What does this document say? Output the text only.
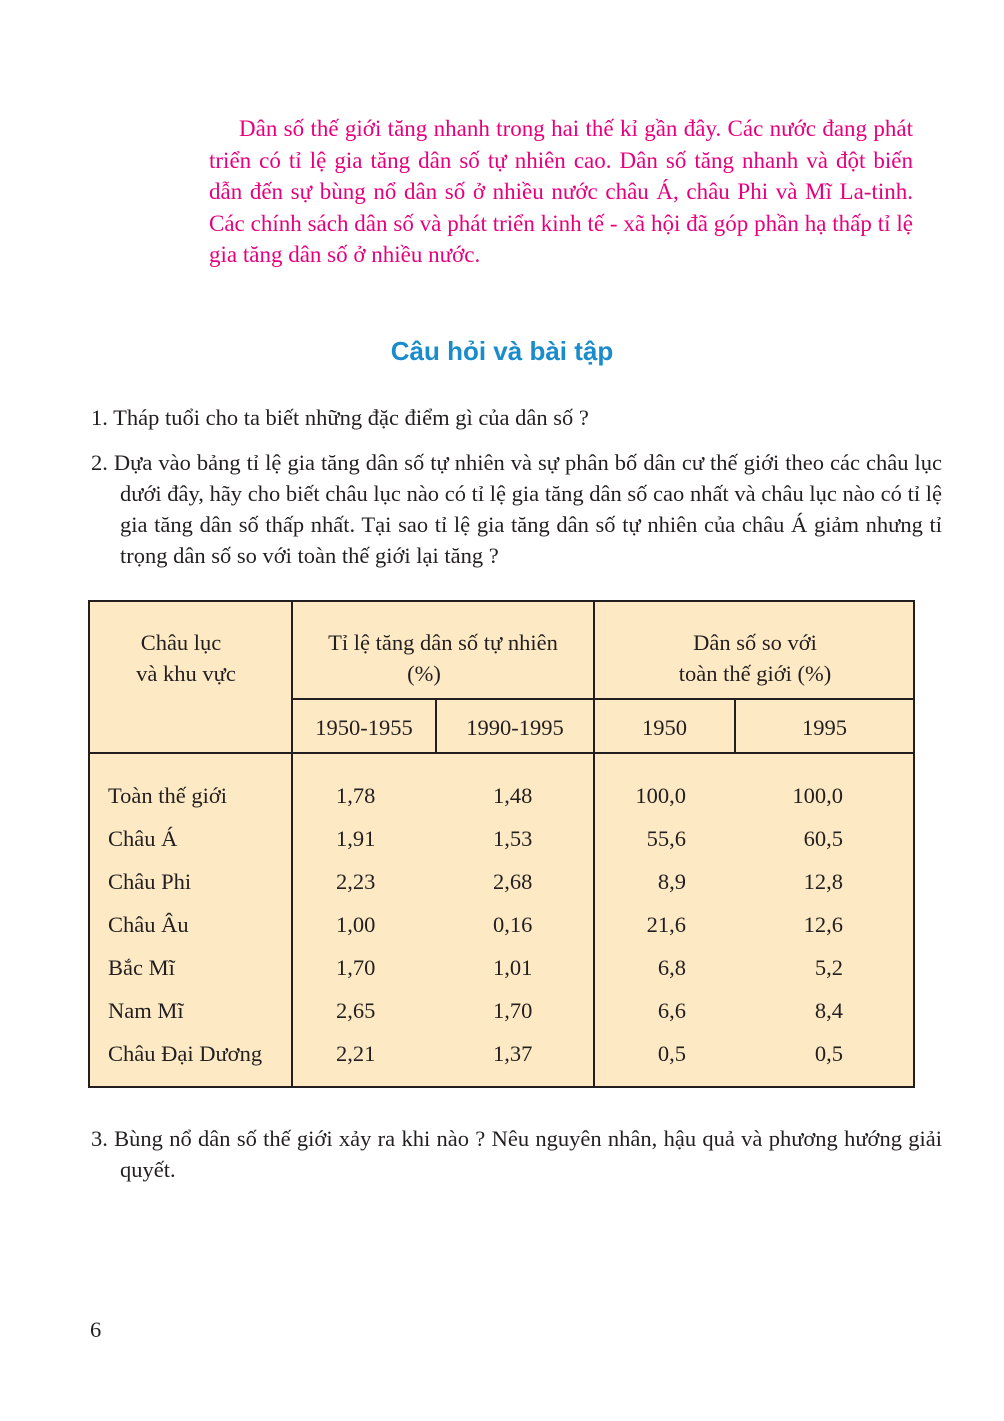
Dân số thế giới tăng nhanh trong hai thế kỉ gần đây. Các nước đang phát triển có tỉ lệ gia tăng dân số tự nhiên cao. Dân số tăng nhanh và đột biến dẫn đến sự bùng nổ dân số ở nhiều nước châu Á, châu Phi và Mĩ La-tinh. Các chính sách dân số và phát triển kinh tế - xã hội đã góp phần hạ thấp tỉ lệ gia tăng dân số ở nhiều nước.

Câu hỏi và bài tập

1. Tháp tuổi cho ta biết những đặc điểm gì của dân số ?

2. Dựa vào bảng tỉ lệ gia tăng dân số tự nhiên và sự phân bố dân cư thế giới theo các châu lục dưới đây, hãy cho biết châu lục nào có tỉ lệ gia tăng dân số cao nhất và châu lục nào có tỉ lệ gia tăng dân số thấp nhất. Tại sao tỉ lệ gia tăng dân số tự nhiên của châu Á giảm nhưng tỉ trọng dân số so với toàn thế giới lại tăng ?

Châu lục
và khu vực
Tỉ lệ tăng dân số tự nhiên
(%)
Dân số so với
toàn thế giới (%)
1950-1955	1990-1995	1950	1995
Toàn thế giới	1,78	1,48	100,0	100,0
Châu Á	1,91	1,53	55,6	60,5
Châu Phi	2,23	2,68	8,9	12,8
Châu Âu	1,00	0,16	21,6	12,6
Bắc Mĩ	1,70	1,01	6,8	5,2
Nam Mĩ	2,65	1,70	6,6	8,4
Châu Đại Dương	2,21	1,37	0,5	0,5

3. Bùng nổ dân số thế giới xảy ra khi nào ? Nêu nguyên nhân, hậu quả và phương hướng giải quyết.

6
